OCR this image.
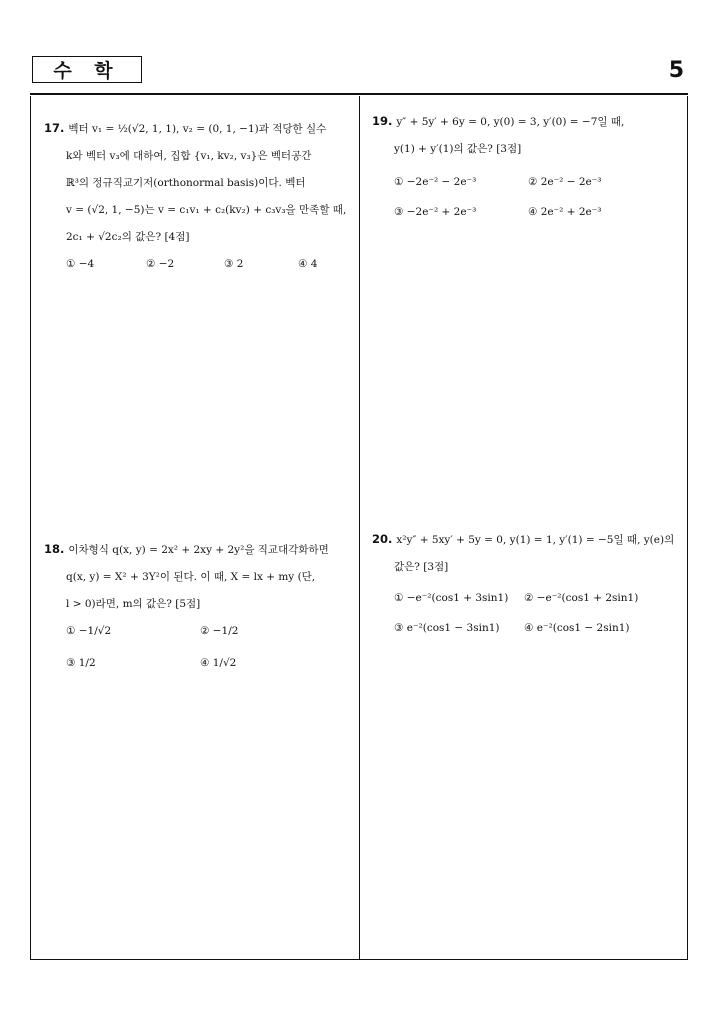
수 학	5
17. 벡터 v₁ = ½(√2, 1, 1), v₂ = (0, 1, −1)과 적당한 실수
k와 벡터 v₃에 대하여, 집합 {v₁, kv₂, v₃}은 벡터공간
ℝ³의 정규직교기저(orthonormal basis)이다. 벡터
v = (√2, 1, −5)는 v = c₁v₁ + c₂(kv₂) + c₃v₃을 만족할 때,
2c₁ + √2c₂의 값은? [4점]
① −4	② −2	③ 2	④ 4
18. 이차형식 q(x, y) = 2x² + 2xy + 2y²을 직교대각화하면
q(x, y) = X² + 3Y²이 된다. 이 때, X = lx + my (단,
l > 0)라면, m의 값은? [5점]
① −1/√2	② −1/2
③ 1/2	④ 1/√2
19. y″ + 5y′ + 6y = 0, y(0) = 3, y′(0) = −7일 때,
y(1) + y′(1)의 값은? [3점]
① −2e⁻² − 2e⁻³	② 2e⁻² − 2e⁻³
③ −2e⁻² + 2e⁻³	④ 2e⁻² + 2e⁻³
20. x²y″ + 5xy′ + 5y = 0, y(1) = 1, y′(1) = −5일 때, y(e)의
값은? [3점]
① −e⁻²(cos1 + 3sin1) ② −e⁻²(cos1 + 2sin1)
③ e⁻²(cos1 − 3sin1) ④ e⁻²(cos1 − 2sin1)
